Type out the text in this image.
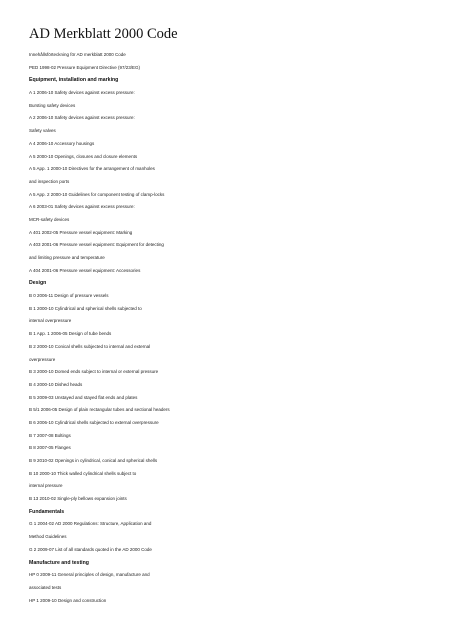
AD Merkblatt 2000 Code
Innehållsförteckning för AD merkblatt 2000 Code
PED 1998-02 Pressure Equipment Directive (97/23/EG)
Equipment, installation and marking
A 1 2006-10 Safety devices against excess pressure:
Bursting safety devices
A 2 2006-10 Safety devices against excess pressure:
Safety valves
A 4 2006-10 Accessory housings
A 5 2000-10 Openings, closures and closure elements
A 5 App. 1 2000-10 Directives for the arrangement of manholes
and inspection ports
A 5 App. 2 2000-10 Guidelines for component testing of clamp-locks
A 6 2003-01 Safety devices against excess pressure:
MCR-safety devices
A 401 2002-05 Pressure vessel equipment: Marking
A 403 2001-06 Pressure vessel equipment: Equipment for detecting
and limiting pressure and temperature
A 404 2001-06 Pressure vessel equipment: Accessories
Design
B 0 2006-11 Design of pressure vessels
B 1 2000-10 Cylindrical and spherical shells subjected to
internal overpressure
B 1 App. 1 2006-05 Design of tube bends
B 2 2000-10 Conical shells subjected to internal and external
overpressure
B 3 2000-10 Domed ends subject to internal or external pressure
B 4 2000-10 Dished heads
B 5 2009-03 Unstayed and stayed flat ends and plates
B 5/1 2006-05 Design of plain rectangular tubes and sectional headers
B 6 2006-10 Cylindrical shells subjected to external overpressure
B 7 2007-08 Boltings
B 8 2007-05 Flanges
B 9 2010-02 Openings in cylindrical, conical and spherical shells
B 10 2000-10 Thick walled cylindrical shells subject to
internal pressure
B 13 2010-02 Single-ply bellows expansion joints
Fundamentals
G 1 2004-02 AD 2000 Regulations: Structure, Application and
Method Guidelines
G 2 2009-07 List of all standards quoted in the AD 2000 Code
Manufacture and testing
HP 0 2009-11 General principles of design, manufacture and
associated tests
HP 1 2009-10 Design and construction
